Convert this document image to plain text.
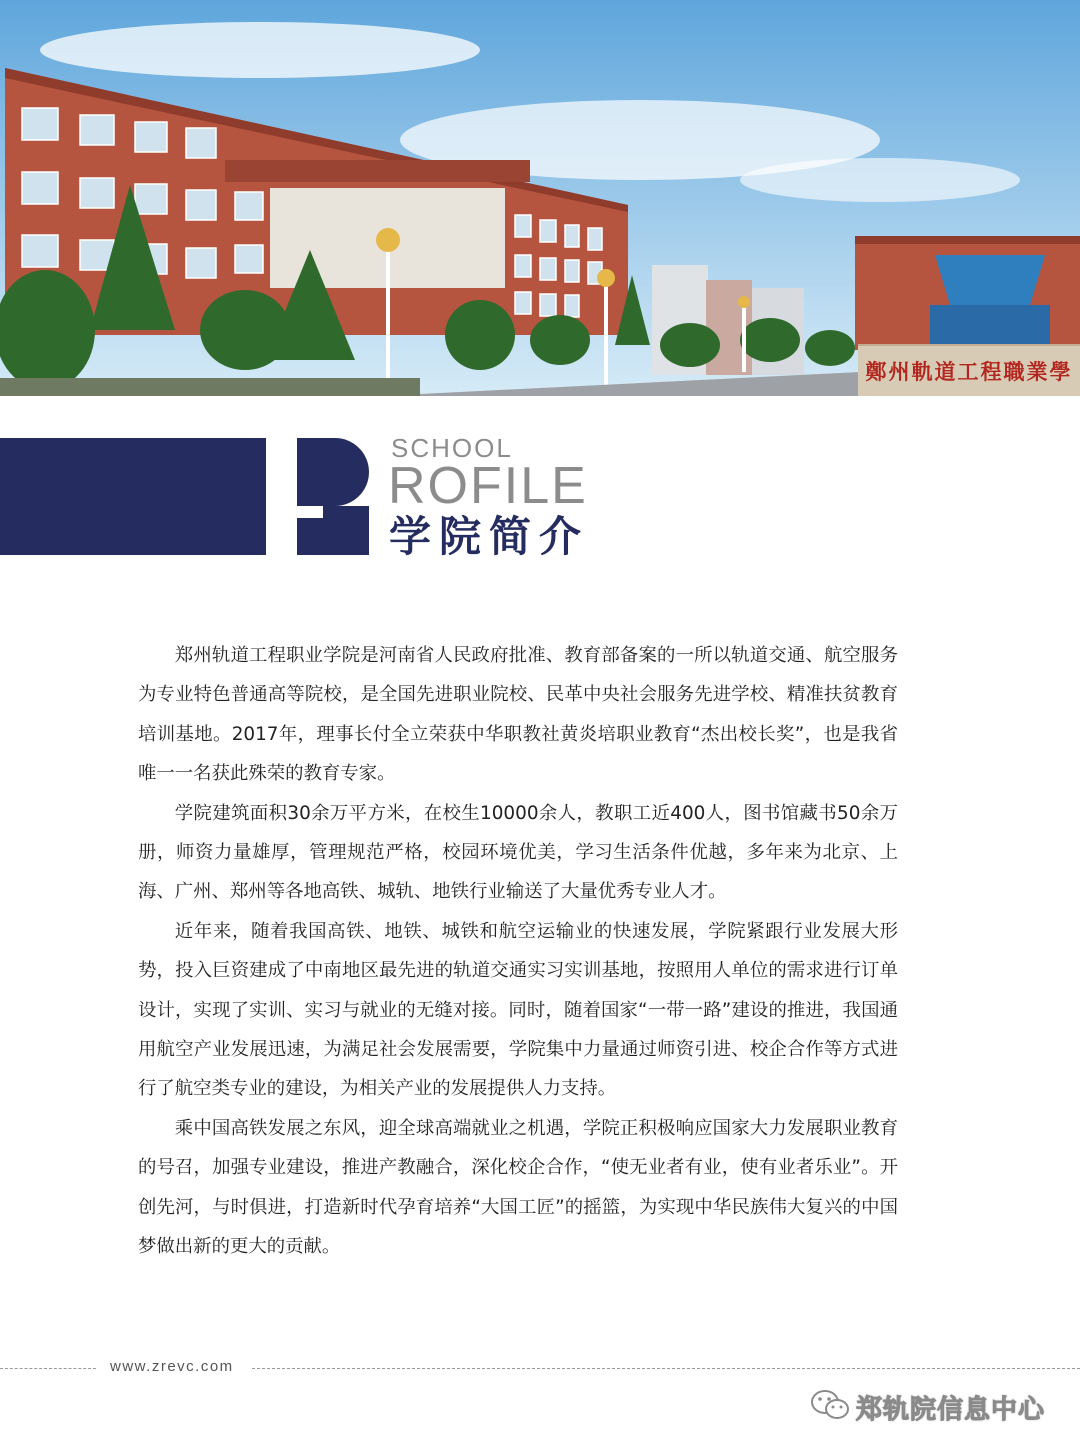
鄭州軌道工程職業學
SCHOOL
ROFILE
学院简介

郑州轨道工程职业学院是河南省人民政府批准、教育部备案的一所以轨道交通、航空服务为专业特色普通高等院校，是全国先进职业院校、民革中央社会服务先进学校、精准扶贫教育培训基地。2017年，理事长付全立荣获中华职教社黄炎培职业教育“杰出校长奖”，也是我省唯一一名获此殊荣的教育专家。

学院建筑面积30余万平方米，在校生10000余人，教职工近400人，图书馆藏书50余万册，师资力量雄厚，管理规范严格，校园环境优美，学习生活条件优越，多年来为北京、上海、广州、郑州等各地高铁、城轨、地铁行业输送了大量优秀专业人才。

近年来，随着我国高铁、地铁、城铁和航空运输业的快速发展，学院紧跟行业发展大形势，投入巨资建成了中南地区最先进的轨道交通实习实训基地，按照用人单位的需求进行订单设计，实现了实训、实习与就业的无缝对接。同时，随着国家“一带一路”建设的推进，我国通用航空产业发展迅速，为满足社会发展需要，学院集中力量通过师资引进、校企合作等方式进行了航空类专业的建设，为相关产业的发展提供人力支持。

乘中国高铁发展之东风，迎全球高端就业之机遇，学院正积极响应国家大力发展职业教育的号召，加强专业建设，推进产教融合，深化校企合作，“使无业者有业，使有业者乐业”。开创先河，与时俱进，打造新时代孕育培养“大国工匠”的摇篮，为实现中华民族伟大复兴的中国梦做出新的更大的贡献。

www.zrevc.com
郑轨院信息中心
